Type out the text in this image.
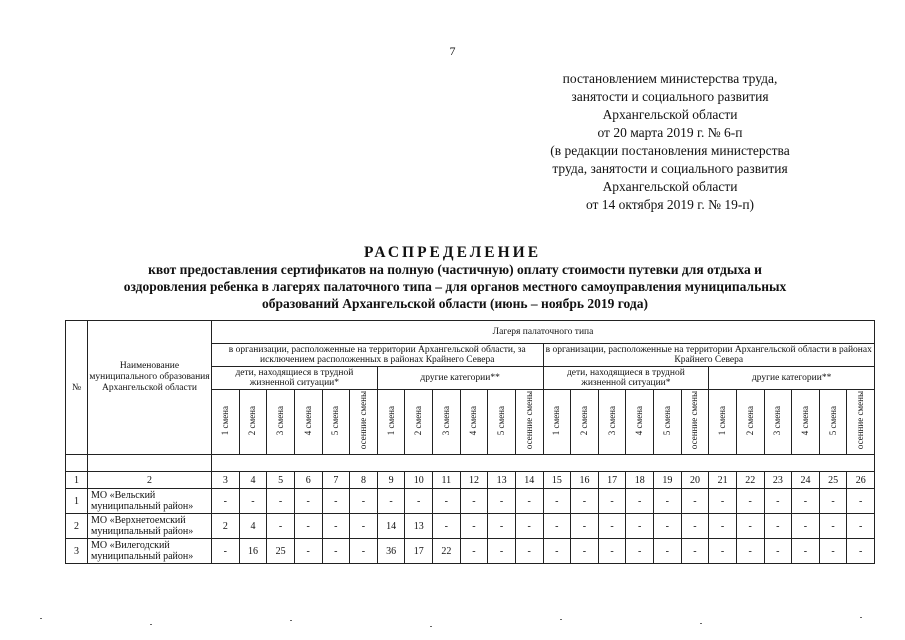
7
постановлением министерства труда,
занятости и социального развития
Архангельской области
от 20 марта 2019 г. № 6-п
(в редакции постановления министерства
труда, занятости и социального развития
Архангельской области
от 14 октября 2019 г. № 19-п)
РАСПРЕДЕЛЕНИЕ
квот предоставления сертификатов на полную (частичную) оплату стоимости путевки для отдыха и
оздоровления ребенка в лагерях палаточного типа – для органов местного самоуправления муниципальных
образований Архангельской области (июнь – ноябрь 2019 года)
№	Наименование муниципального образования Архангельской области	Лагеря палаточного типа																							
		в организации, расположенные на территории Архангельской области, за исключением расположенных в районах Крайнего Севера												в организации, расположенные на территории Архангельской области в районах Крайнего Севера											
		дети, находящиеся в трудной жизненной ситуации*						другие категории**						дети, находящиеся в трудной жизненной ситуации*						другие категории**					
		1 смена	2 смена	3 смена	4 смена	5 смена	осенние смены	1 смена	2 смена	3 смена	4 смена	5 смена	осенние смены	1 смена	2 смена	3 смена	4 смена	5 смена	осенние смены	1 смена	2 смена	3 смена	4 смена	5 смена	осенние смены

1	2	3	4	5	6	7	8	9	10	11	12	13	14	15	16	17	18	19	20	21	22	23	24	25	26
1	МО «Вельский муниципальный район»	-	-	-	-	-	-	-	-	-	-	-	-	-	-	-	-	-	-	-	-	-	-	-	-
2	МО «Верхнетоемский муниципальный район»	2	4	-	-	-	-	14	13	-	-	-	-	-	-	-	-	-	-	-	-	-	-	-	-
3	МО «Вилегодский муниципальный район»	-	16	25	-	-	-	36	17	22	-	-	-	-	-	-	-	-	-	-	-	-	-	-	-
